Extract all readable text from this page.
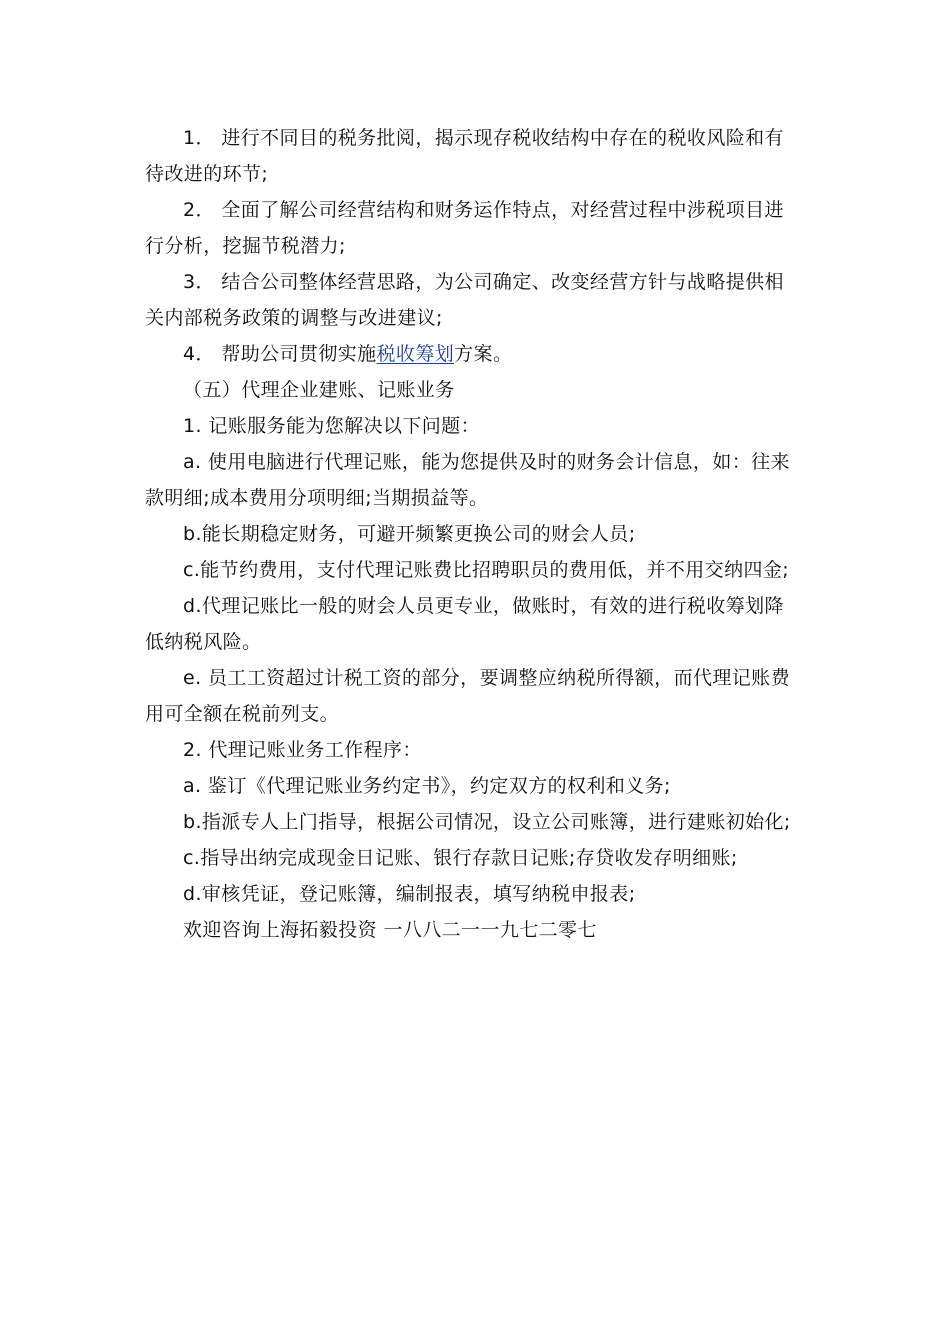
1． 进行不同目的税务批阅，揭示现存税收结构中存在的税收风险和有待改进的环节;

2． 全面了解公司经营结构和财务运作特点，对经营过程中涉税项目进行分析，挖掘节税潜力;

3． 结合公司整体经营思路，为公司确定、改变经营方针与战略提供相关内部税务政策的调整与改进建议;

4． 帮助公司贯彻实施税收筹划方案。

（五）代理企业建账、记账业务

1. 记账服务能为您解决以下问题：

a. 使用电脑进行代理记账，能为您提供及时的财务会计信息，如：往来款明细;成本费用分项明细;当期损益等。

b.能长期稳定财务，可避开频繁更换公司的财会人员;

c.能节约费用，支付代理记账费比招聘职员的费用低，并不用交纳四金;

d.代理记账比一般的财会人员更专业，做账时，有效的进行税收筹划降低纳税风险。

e. 员工工资超过计税工资的部分，要调整应纳税所得额，而代理记账费用可全额在税前列支。

2. 代理记账业务工作程序：

a. 鉴订《代理记账业务约定书》，约定双方的权利和义务;

b.指派专人上门指导，根据公司情况，设立公司账簿，进行建账初始化;

c.指导出纳完成现金日记账、银行存款日记账;存贷收发存明细账;

d.审核凭证，登记账簿，编制报表，填写纳税申报表;

欢迎咨询上海拓毅投资 一八八二一一九七二零七
